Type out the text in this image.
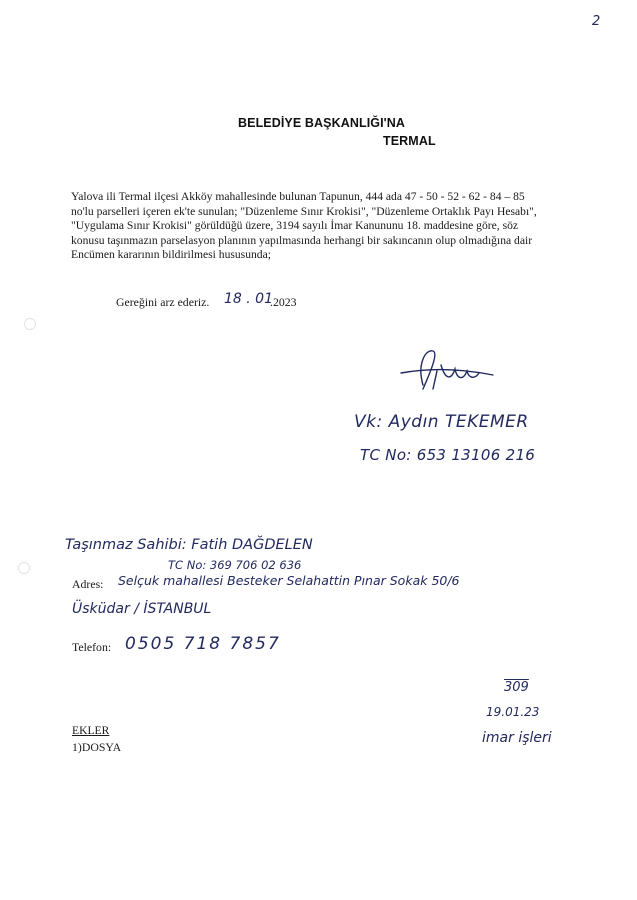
2
BELEDİYE BAŞKANLIĞI'NA
TERMAL
Yalova ili Termal ilçesi Akköy mahallesinde bulunan Tapunun, 444 ada 47 - 50 - 52 - 62 - 84 – 85
no'lu parselleri içeren ek'te sunulan; "Düzenleme Sınır Krokisi", "Düzenleme Ortaklık Payı Hesabı",
"Uygulama Sınır Krokisi" görüldüğü üzere, 3194 sayılı İmar Kanununu 18. maddesine göre, söz
konusu taşınmazın parselasyon planının yapılmasında herhangi bir sakıncanın olup olmadığına dair
Encümen kararının bildirilmesi hususunda;
Gereğini arz ederiz. 18 . 01
.2023
Vk: Aydın TEKEMER
TC No: 653 13106 216
Taşınmaz Sahibi: Fatih DAĞDELEN
TC No: 369 706 02 636
Adres: Selçuk mahallesi Besteker Selahattin Pınar Sokak 50/6
Üsküdar / İSTANBUL
Telefon: 0505 718 7857
309
19.01.23
imar işleri
EKLER
1)DOSYA
